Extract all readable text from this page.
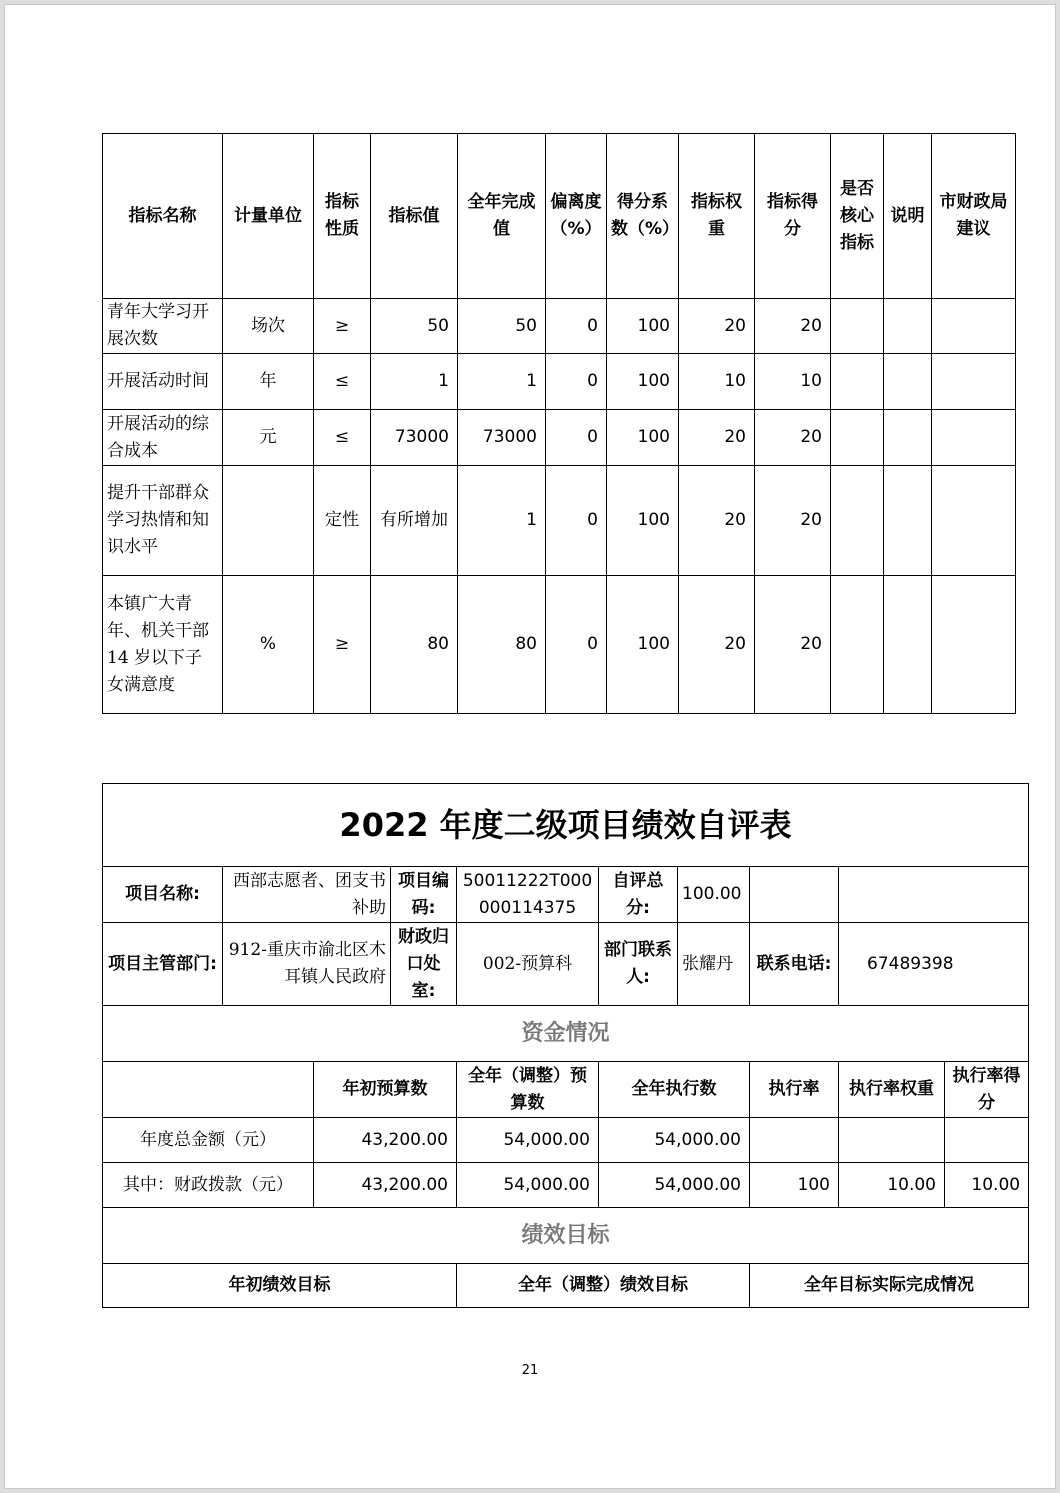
指标名称	计量单位	指标性质	指标值	全年完成值	偏离度（%）	得分系数（%）	指标权重	指标得分	是否核心指标	说明	市财政局建议
青年大学习开展次数	场次	≥	50	50	0	100	20	20			
开展活动时间	年	≤	1	1	0	100	10	10			
开展活动的综合成本	元	≤	73000	73000	0	100	20	20			
提升干部群众学习热情和知识水平		定性	有所增加	1	0	100	20	20			
本镇广大青年、机关干部 14 岁以下子女满意度	%	≥	80	80	0	100	20	20			
2022 年度二级项目绩效自评表									
项目名称:	西部志愿者、团支书补助		项目编码:	50011222T000000114375	自评总分:	100.00			
项目主管部门:	912-重庆市渝北区木耳镇人民政府		财政归口处室:	002-预算科	部门联系人:	张耀丹	联系电话:	67489398	
资金情况									
		年初预算数		全年（调整）预算数	全年执行数		执行率	执行率权重	执行率得分
年度总金额（元）		43,200.00		54,000.00	54,000.00				
其中：财政拨款（元）		43,200.00		54,000.00	54,000.00		100	10.00	10.00
绩效目标									
年初绩效目标				全年（调整）绩效目标			全年目标实际完成情况		
21
